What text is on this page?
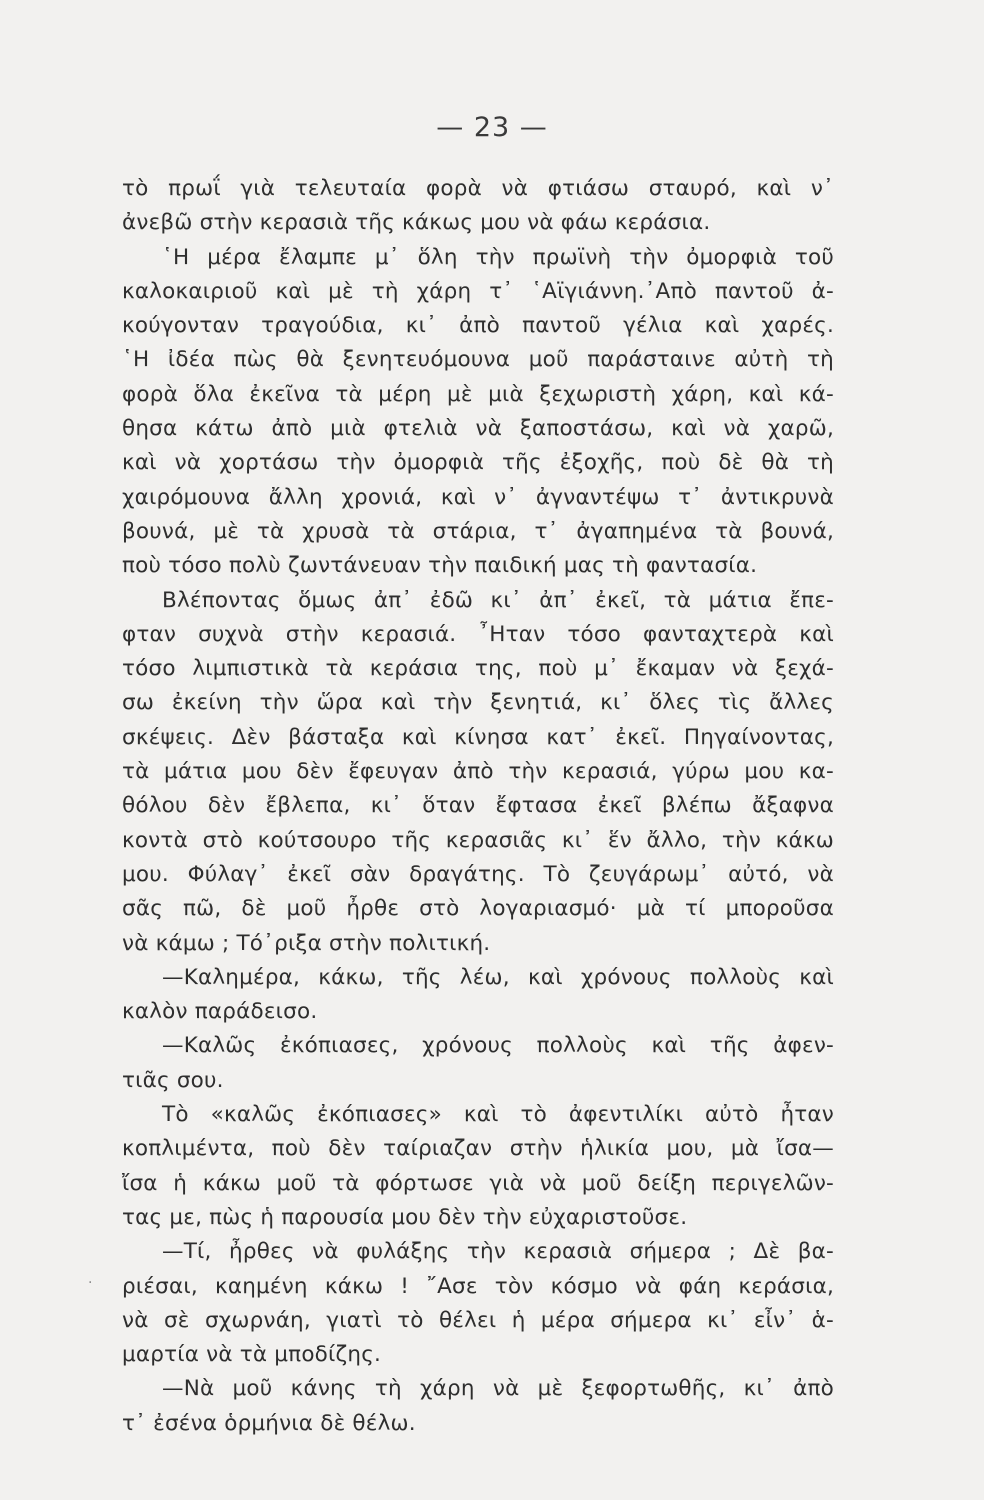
— 23 —
τὸ πρωΐ γιὰ τελευταία φορὰ νὰ φτιάσω σταυρό, καὶ ν᾿
ἀνεβῶ στὴν κερασιὰ τῆς κάκως μου νὰ φάω κεράσια.
῾Η μέρα ἔλαμπε μ᾿ ὅλη τὴν πρωϊνὴ τὴν ὀμορφιὰ τοῦ
καλοκαιριοῦ καὶ μὲ τὴ χάρη τ᾿ ῾Αϊγιάννη.᾿Απὸ παντοῦ ἀ-
κούγονταν τραγούδια, κι᾿ ἀπὸ παντοῦ γέλια καὶ χαρές.
῾Η ἰδέα πὼς θὰ ξενητευόμουνα μοῦ παράσταινε αὐτὴ τὴ
φορὰ ὅλα ἐκεῖνα τὰ μέρη μὲ μιὰ ξεχωριστὴ χάρη, καὶ κά-
θησα κάτω ἀπὸ μιὰ φτελιὰ νὰ ξαποστάσω, καὶ νὰ χαρῶ,
καὶ νὰ χορτάσω τὴν ὀμορφιὰ τῆς ἐξοχῆς, ποὺ δὲ θὰ τὴ
χαιρόμουνα ἄλλη χρονιά, καὶ ν᾿ ἀγναντέψω τ᾿ ἀντικρυνὰ
βουνά, μὲ τὰ χρυσὰ τὰ στάρια, τ᾿ ἀγαπημένα τὰ βουνά,
ποὺ τόσο πολὺ ζωντάνευαν τὴν παιδική μας τὴ φαντασία.
Βλέποντας ὅμως ἀπ᾿ ἐδῶ κι᾿ ἀπ᾿ ἐκεῖ, τὰ μάτια ἔπε-
φταν συχνὰ στὴν κερασιά. ῏Ηταν τόσο φανταχτερὰ καὶ
τόσο λιμπιστικὰ τὰ κεράσια της, ποὺ μ᾿ ἔκαμαν νὰ ξεχά-
σω ἐκείνη τὴν ὥρα καὶ τὴν ξενητιά, κι᾿ ὅλες τὶς ἄλλες
σκέψεις. Δὲν βάσταξα καὶ κίνησα κατ᾿ ἐκεῖ. Πηγαίνοντας,
τὰ μάτια μου δὲν ἔφευγαν ἀπὸ τὴν κερασιά, γύρω μου κα-
θόλου δὲν ἔβλεπα, κι᾿ ὅταν ἔφτασα ἐκεῖ βλέπω ἄξαφνα
κοντὰ στὸ κούτσουρο τῆς κερασιᾶς κι᾿ ἕν ἄλλο, τὴν κάκω
μου. Φύλαγ᾿ ἐκεῖ σὰν δραγάτης. Τὸ ζευγάρωμ᾿ αὐτό, νὰ
σᾶς πῶ, δὲ μοῦ ἦρθε στὸ λογαριασμό· μὰ τί μποροῦσα
νὰ κάμω ; Τό᾿ριξα στὴν πολιτική.
—Καλημέρα, κάκω, τῆς λέω, καὶ χρόνους πολλοὺς καὶ
καλὸν παράδεισο.
—Καλῶς ἐκόπιασες, χρόνους πολλοὺς καὶ τῆς ἀφεν-
τιᾶς σου.
Τὸ «καλῶς ἐκόπιασες» καὶ τὸ ἀφεντιλίκι αὐτὸ ἦταν
κοπλιμέντα, ποὺ δὲν ταίριαζαν στὴν ἡλικία μου, μὰ ἴσα—
ἴσα ἡ κάκω μοῦ τὰ φόρτωσε γιὰ νὰ μοῦ δείξη περιγελῶν-
τας με, πὼς ἡ παρουσία μου δὲν τὴν εὐχαριστοῦσε.
—Τί, ἦρθες νὰ φυλάξης τὴν κερασιὰ σήμερα ; Δὲ βα-
ριέσαι, καημένη κάκω ! ῎Ασε τὸν κόσμο νὰ φάη κεράσια,
νὰ σὲ σχωρνάη, γιατὶ τὸ θέλει ἡ μέρα σήμερα κι᾿ εἶν᾿ ἁ-
μαρτία νὰ τὰ μποδίζης.
—Νὰ μοῦ κάνης τὴ χάρη νὰ μὲ ξεφορτωθῆς, κι᾿ ἀπὸ
τ᾿ ἐσένα ὁρμήνια δὲ θέλω.
·
